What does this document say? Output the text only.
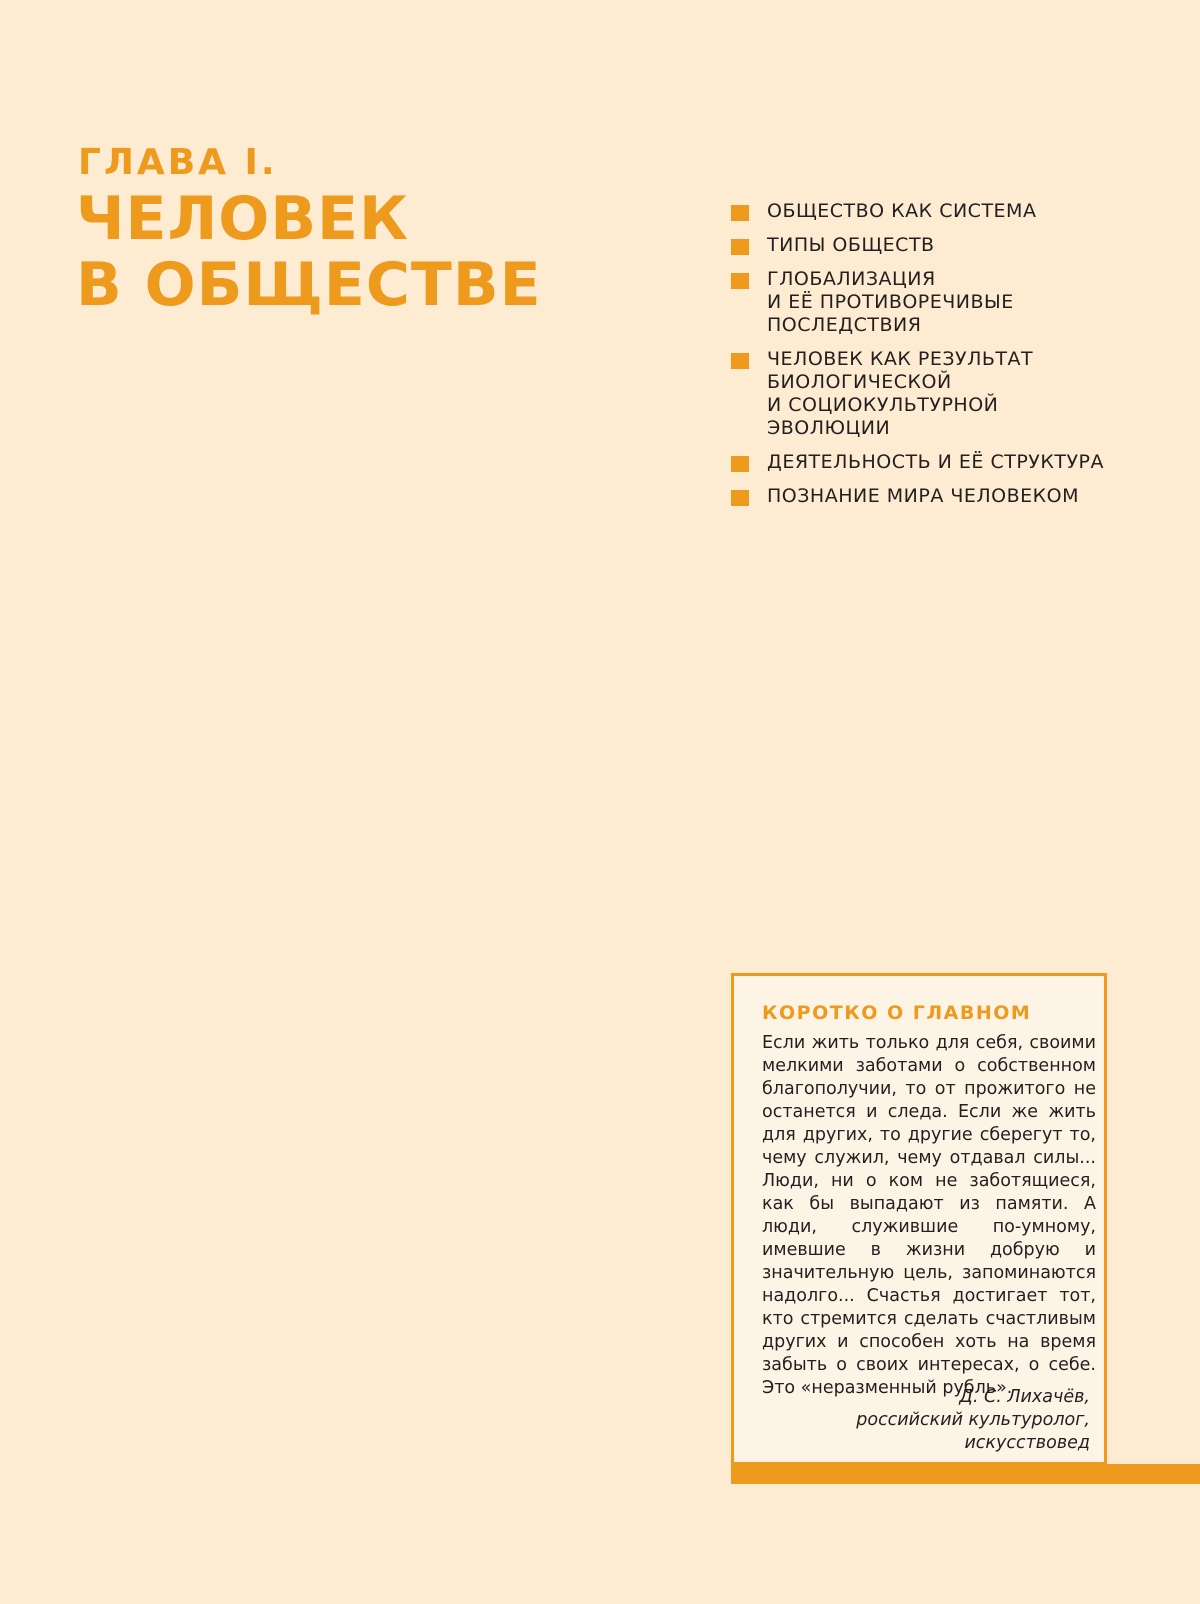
ГЛАВА I.
ЧЕЛОВЕК
В ОБЩЕСТВЕ
ОБЩЕСТВО КАК СИСТЕМА
ТИПЫ ОБЩЕСТВ
ГЛОБАЛИЗАЦИЯ
И ЕЁ ПРОТИВОРЕЧИВЫЕ
ПОСЛЕДСТВИЯ
ЧЕЛОВЕК КАК РЕЗУЛЬТАТ
БИОЛОГИЧЕСКОЙ
И СОЦИОКУЛЬТУРНОЙ
ЭВОЛЮЦИИ
ДЕЯТЕЛЬНОСТЬ И ЕЁ СТРУКТУРА
ПОЗНАНИЕ МИРА ЧЕЛОВЕКОМ
КОРОТКО О ГЛАВНОМ
Если жить только для себя, своими мелкими заботами о собственном благополучии, то от прожитого не останется и следа. Если же жить для других, то другие сберегут то, чему служил, чему отдавал силы... Люди, ни о ком не заботящиеся, как бы выпадают из памяти. А люди, служившие по-умному, имевшие в жизни добрую и значительную цель, запоминаются надолго... Счастья достигает тот, кто стремится сделать счастливым других и способен хоть на время забыть о своих интересах, о себе. Это «неразменный рубль».
Д. С. Лихачёв,
российский культуролог,
искусствовед
